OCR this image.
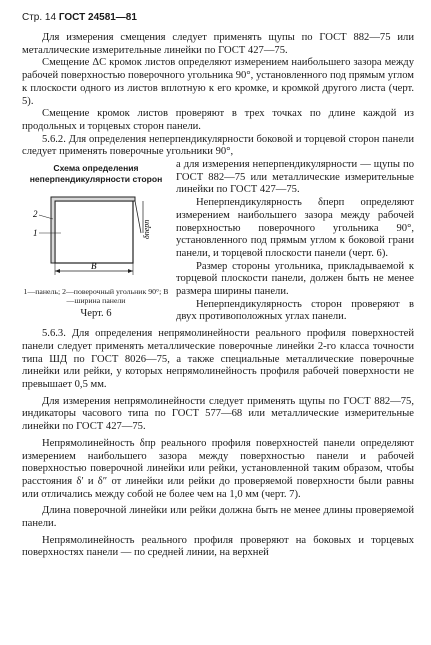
Стр. 14 ГОСТ 24581—81

Для измерения смещения следует применять щупы по ГОСТ 882—75 или металлические измерительные линейки по ГОСТ 427—75.

Смещение ΔC кромок листов определяют измерением наибольшего зазора между рабочей поверхностью поверочного угольника 90°, установленного под прямым углом к плоскости одного из листов вплотную к его кромке, и кромкой другого листа (черт. 5).

Смещение кромок листов проверяют в трех точках по длине каждой из продольных и торцевых сторон панели.

5.6.2. Для определения неперпендикулярности боковой и торцевой сторон панели следует применять поверочные угольники 90°,

Схема определения неперпендикулярности сторон
2
1
B
δперп
1—панель; 2—поверочный угольник 90°; B—ширина панели
Черт. 6

а для измерения неперпендикулярности — щупы по ГОСТ 882—75 или металлические измерительные линейки по ГОСТ 427—75.

Неперпендикулярность δперп определяют измерением наибольшего зазора между рабочей поверхностью поверочного угольника 90°, установленного под прямым углом к боковой грани панели, и торцевой плоскости панели (черт. 6).

Размер стороны угольника, прикладываемой к торцевой плоскости панели, должен быть не менее размера ширины панели.

Неперпендикулярность сторон проверяют в двух противоположных углах панели.

5.6.3. Для определения непрямолинейности реального профиля поверхностей панели следует применять металлические поверочные линейки 2-го класса точности типа ШД по ГОСТ 8026—75, а также специальные металлические поверочные линейки или рейки, у которых непрямолинейность профиля рабочей поверхности не превышает 0,5 мм.

Для измерения непрямолинейности следует применять щупы по ГОСТ 882—75, индикаторы часового типа по ГОСТ 577—68 или металлические измерительные линейки по ГОСТ 427—75.

Непрямолинейность δпр реального профиля поверхностей панели определяют измерением наибольшего зазора между поверхностью панели и рабочей поверхностью поверочной линейки или рейки, установленной таким образом, чтобы расстояния δ′ и δ″ от линейки или рейки до проверяемой поверхности были равны или отличались между собой не более чем на 1,0 мм (черт. 7).

Длина поверочной линейки или рейки должна быть не менее длины проверяемой панели.

Непрямолинейность реального профиля проверяют на боковых и торцевых поверхностях панели — по средней линии, на верхней
